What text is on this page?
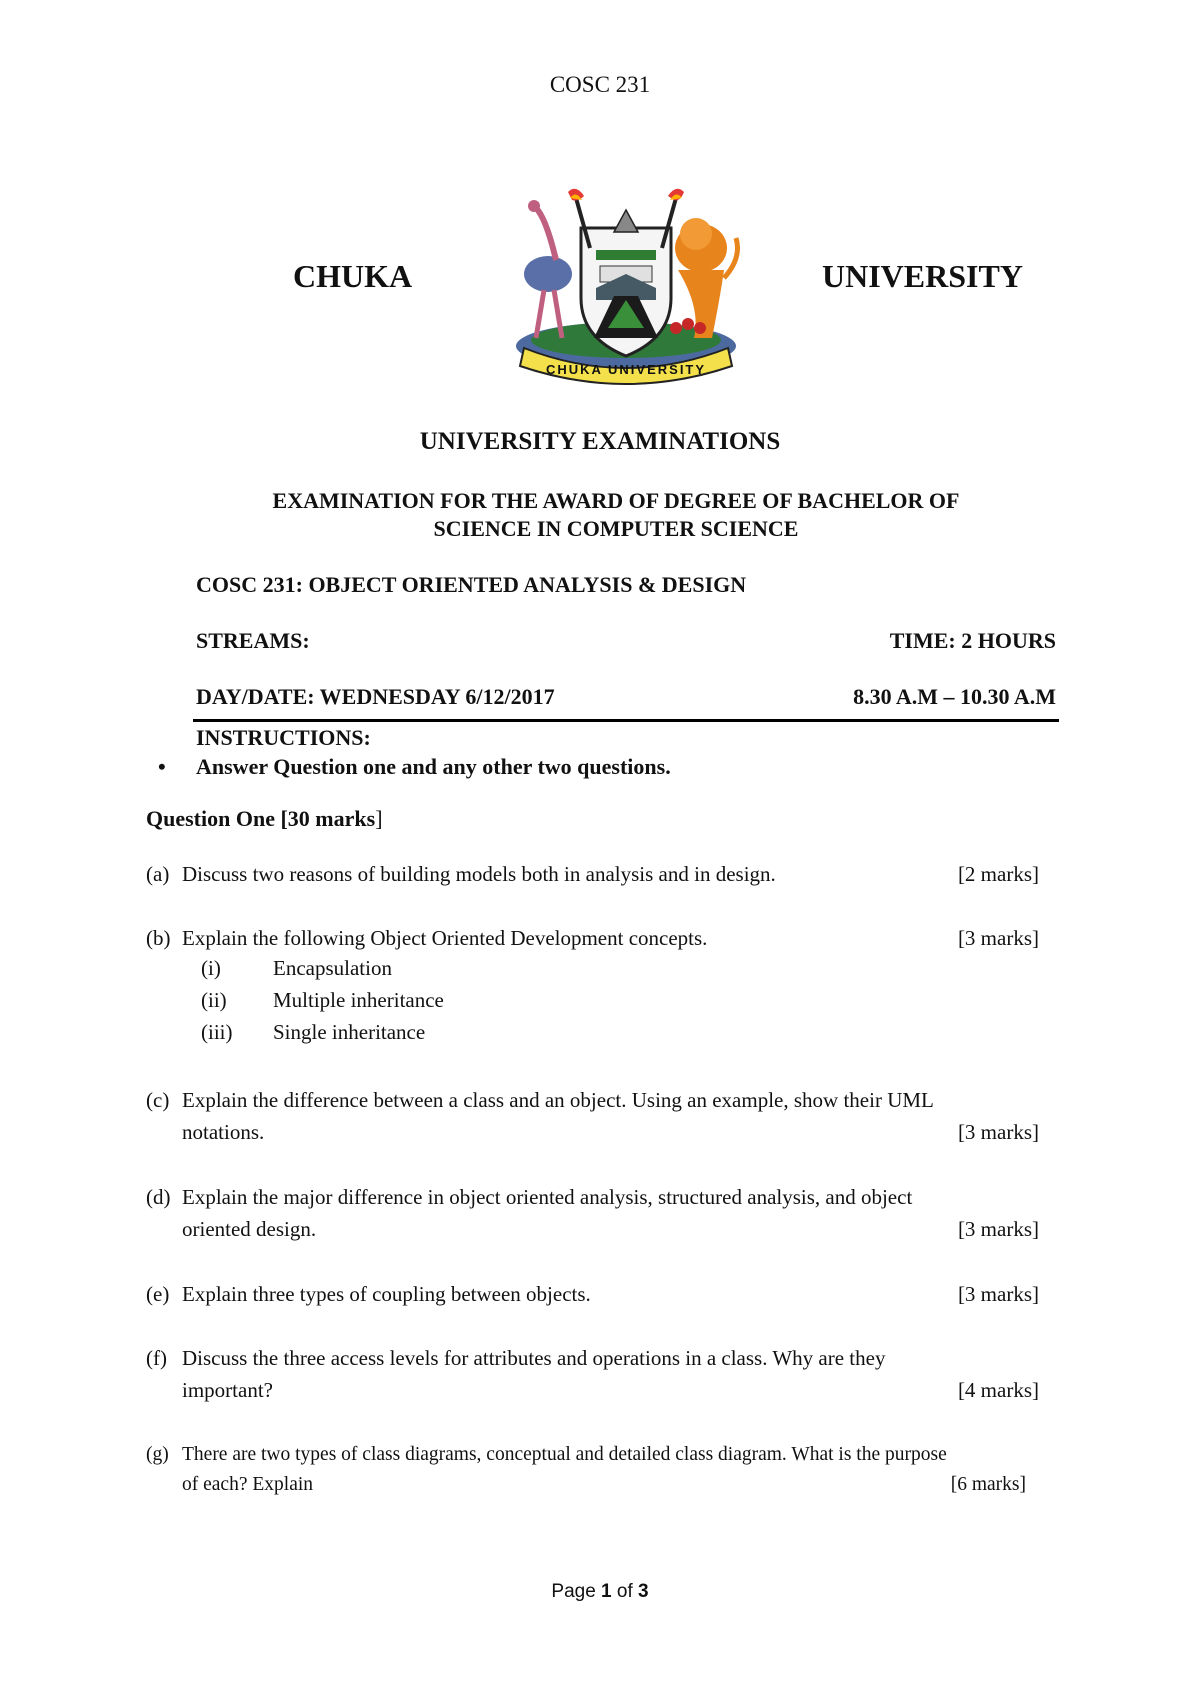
COSC 231
CHUKA	UNIVERSITY
CHUKA UNIVERSITY
UNIVERSITY EXAMINATIONS
EXAMINATION FOR THE AWARD OF DEGREE OF BACHELOR OF
SCIENCE IN COMPUTER SCIENCE
COSC 231: OBJECT ORIENTED ANALYSIS & DESIGN
STREAMS:	TIME: 2 HOURS
DAY/DATE: WEDNESDAY 6/12/2017	8.30 A.M – 10.30 A.M
INSTRUCTIONS:
• Answer Question one and any other two questions.
Question One [30 marks]
(a) Discuss two reasons of building models both in analysis and in design.	[2 marks]
(b) Explain the following Object Oriented Development concepts.	[3 marks]
(i) Encapsulation
(ii) Multiple inheritance
(iii) Single inheritance
(c) Explain the difference between a class and an object. Using an example, show their UML
notations.	[3 marks]
(d) Explain the major difference in object oriented analysis, structured analysis, and object
oriented design.	[3 marks]
(e) Explain three types of coupling between objects.	[3 marks]
(f) Discuss the three access levels for attributes and operations in a class. Why are they
important?	[4 marks]
(g) There are two types of class diagrams, conceptual and detailed class diagram. What is the purpose
of each? Explain	[6 marks]
Page 1 of 3
